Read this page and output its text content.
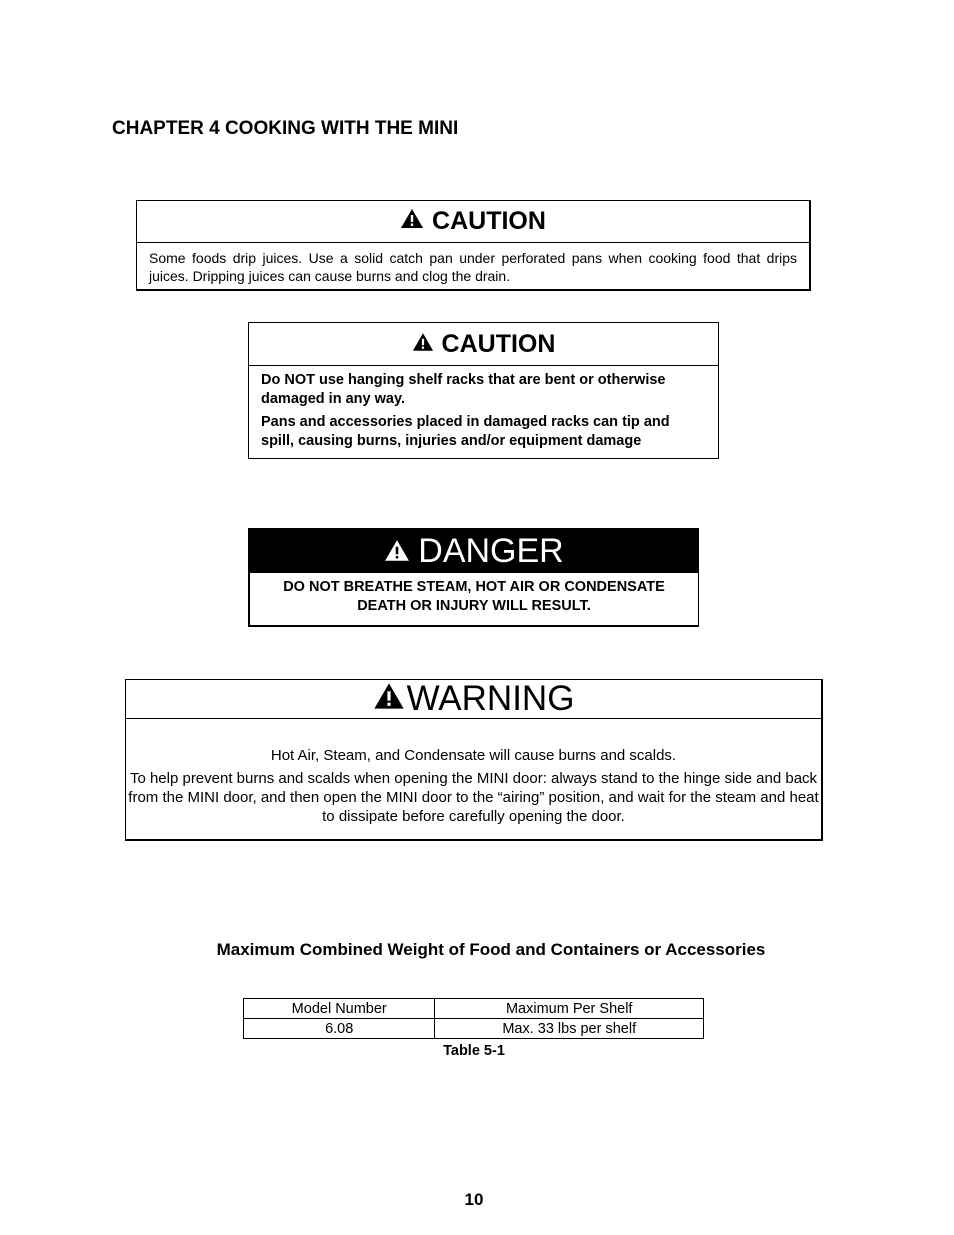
CHAPTER 4 COOKING WITH THE MINI
CAUTION
Some foods drip juices. Use a solid catch pan under perforated pans when cooking food that drips juices. Dripping juices can cause burns and clog the drain.
CAUTION

Do NOT use hanging shelf racks that are bent or otherwise damaged in any way.

Pans and accessories placed in damaged racks can tip and spill, causing burns, injuries and/or equipment damage

DANGER
DO NOT BREATHE STEAM, HOT AIR OR CONDENSATE
DEATH OR INJURY WILL RESULT.
WARNING

Hot Air, Steam, and Condensate will cause burns and scalds.

To help prevent burns and scalds when opening the MINI door: always stand to the hinge side and back from the MINI door, and then open the MINI door to the “airing” position, and wait for the steam and heat to dissipate before carefully opening the door.

Maximum Combined Weight of Food and Containers or Accessories
Model Number	Maximum Per Shelf
6.08	Max. 33 lbs per shelf
Table 5-1
10
